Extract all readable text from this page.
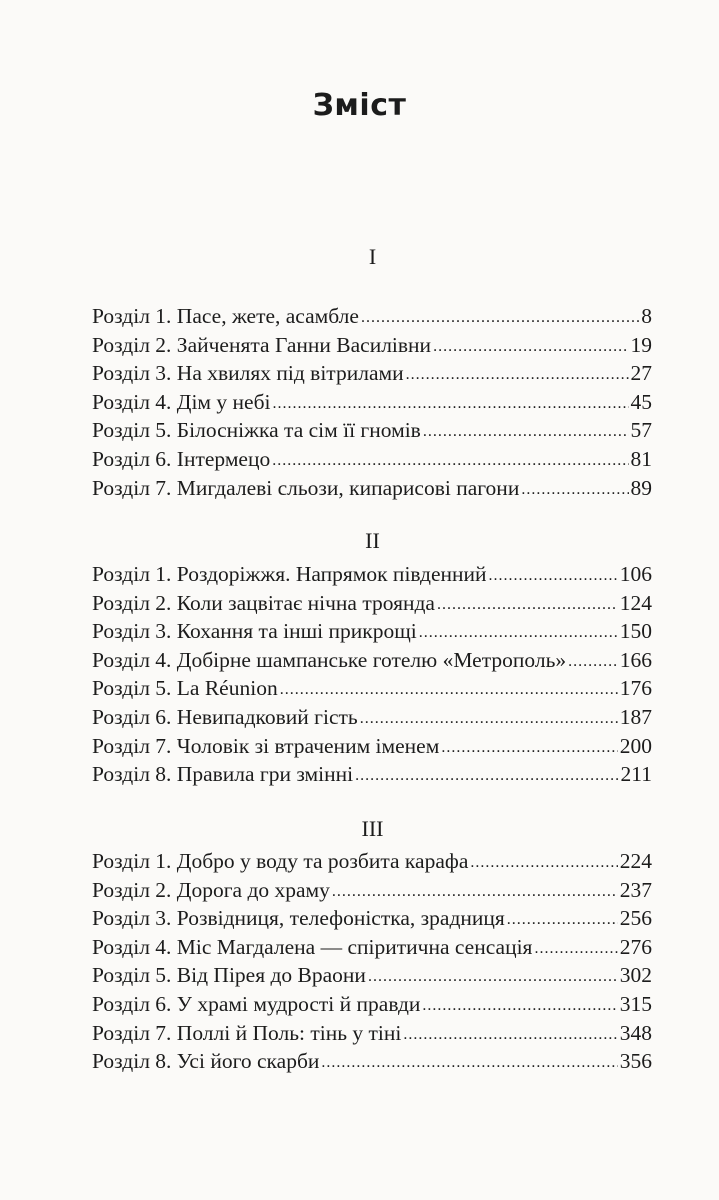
Зміст
I
Розділ 1. Пасе, жете, асамбле .....	8
Розділ 2. Зайченята Ганни Василівни .....	19
Розділ 3. На хвилях під вітрилами .....	27
Розділ 4. Дім у небі .....	45
Розділ 5. Білосніжка та сім її гномів .....	57
Розділ 6. Інтермецо .....	81
Розділ 7. Мигдалеві сльози, кипарисові пагони .....	89
II
Розділ 1. Роздоріжжя. Напрямок південний .....	106
Розділ 2. Коли зацвітає нічна троянда .....	124
Розділ 3. Кохання та інші прикрощі .....	150
Розділ 4. Добірне шампанське готелю «Метрополь» ..... 166
Розділ 5. La Réunion .....	176
Розділ 6. Невипадковий гість .....	187
Розділ 7. Чоловік зі втраченим іменем .....	200
Розділ 8. Правила гри змінні .....	211
III
Розділ 1. Добро у воду та розбита карафа .....	224
Розділ 2. Дорога до храму .....	237
Розділ 3. Розвідниця, телефоністка, зрадниця .....	256
Розділ 4. Міс Магдалена — спіритична сенсація .....	276
Розділ 5. Від Пірея до Враони .....	302
Розділ 6. У храмі мудрості й правди .....	315
Розділ 7. Поллі й Поль: тінь у тіні .....	348
Розділ 8. Усі його скарби .....	356
